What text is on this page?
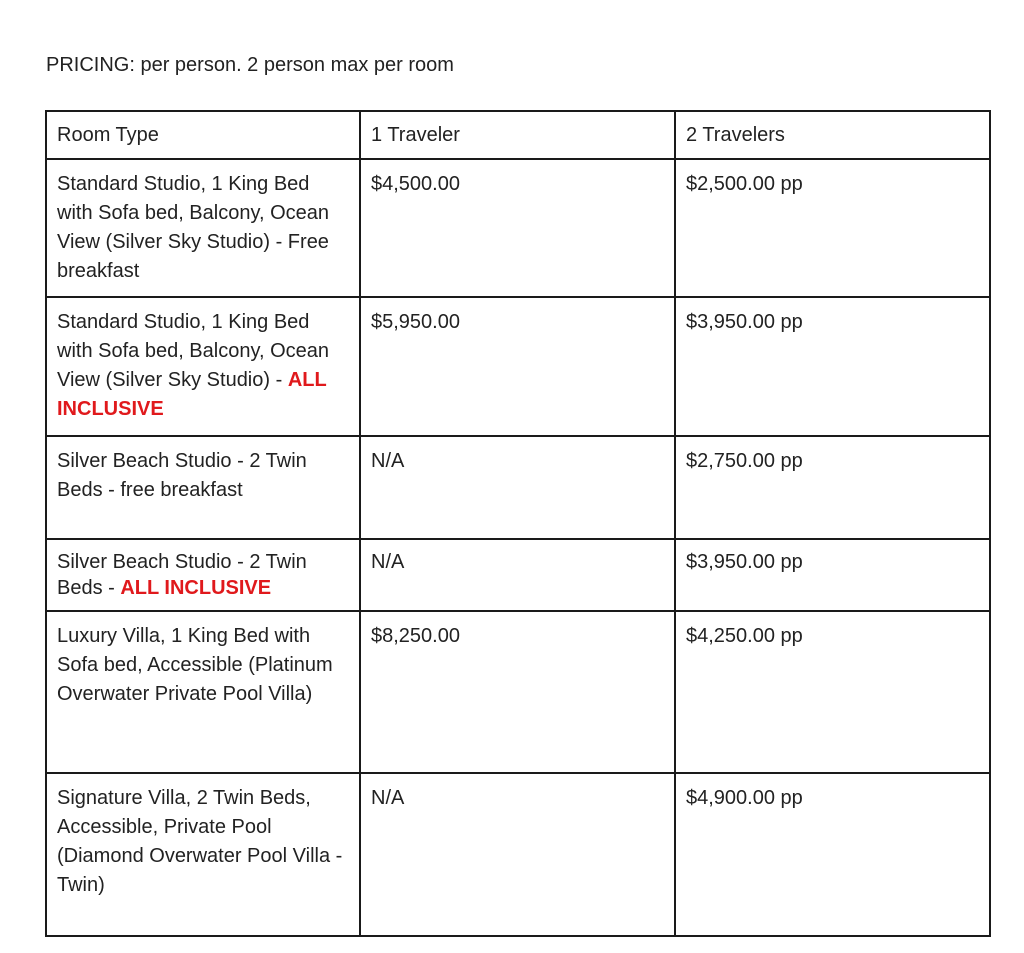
PRICING: per person. 2 person max per room
Room Type	1 Traveler	2 Travelers
Standard Studio, 1 King Bed with Sofa bed, Balcony, Ocean View (Silver Sky Studio) - Free breakfast	$4,500.00	$2,500.00 pp
Standard Studio, 1 King Bed with Sofa bed, Balcony, Ocean View (Silver Sky Studio) - ALL INCLUSIVE	$5,950.00	$3,950.00 pp
Silver Beach Studio - 2 Twin Beds - free breakfast	N/A	$2,750.00 pp
Silver Beach Studio - 2 Twin Beds - ALL INCLUSIVE	N/A	$3,950.00 pp
Luxury Villa, 1 King Bed with Sofa bed, Accessible (Platinum Overwater Private Pool Villa)	$8,250.00	$4,250.00 pp
Signature Villa, 2 Twin Beds, Accessible, Private Pool (Diamond Overwater Pool Villa - Twin)	N/A	$4,900.00 pp
